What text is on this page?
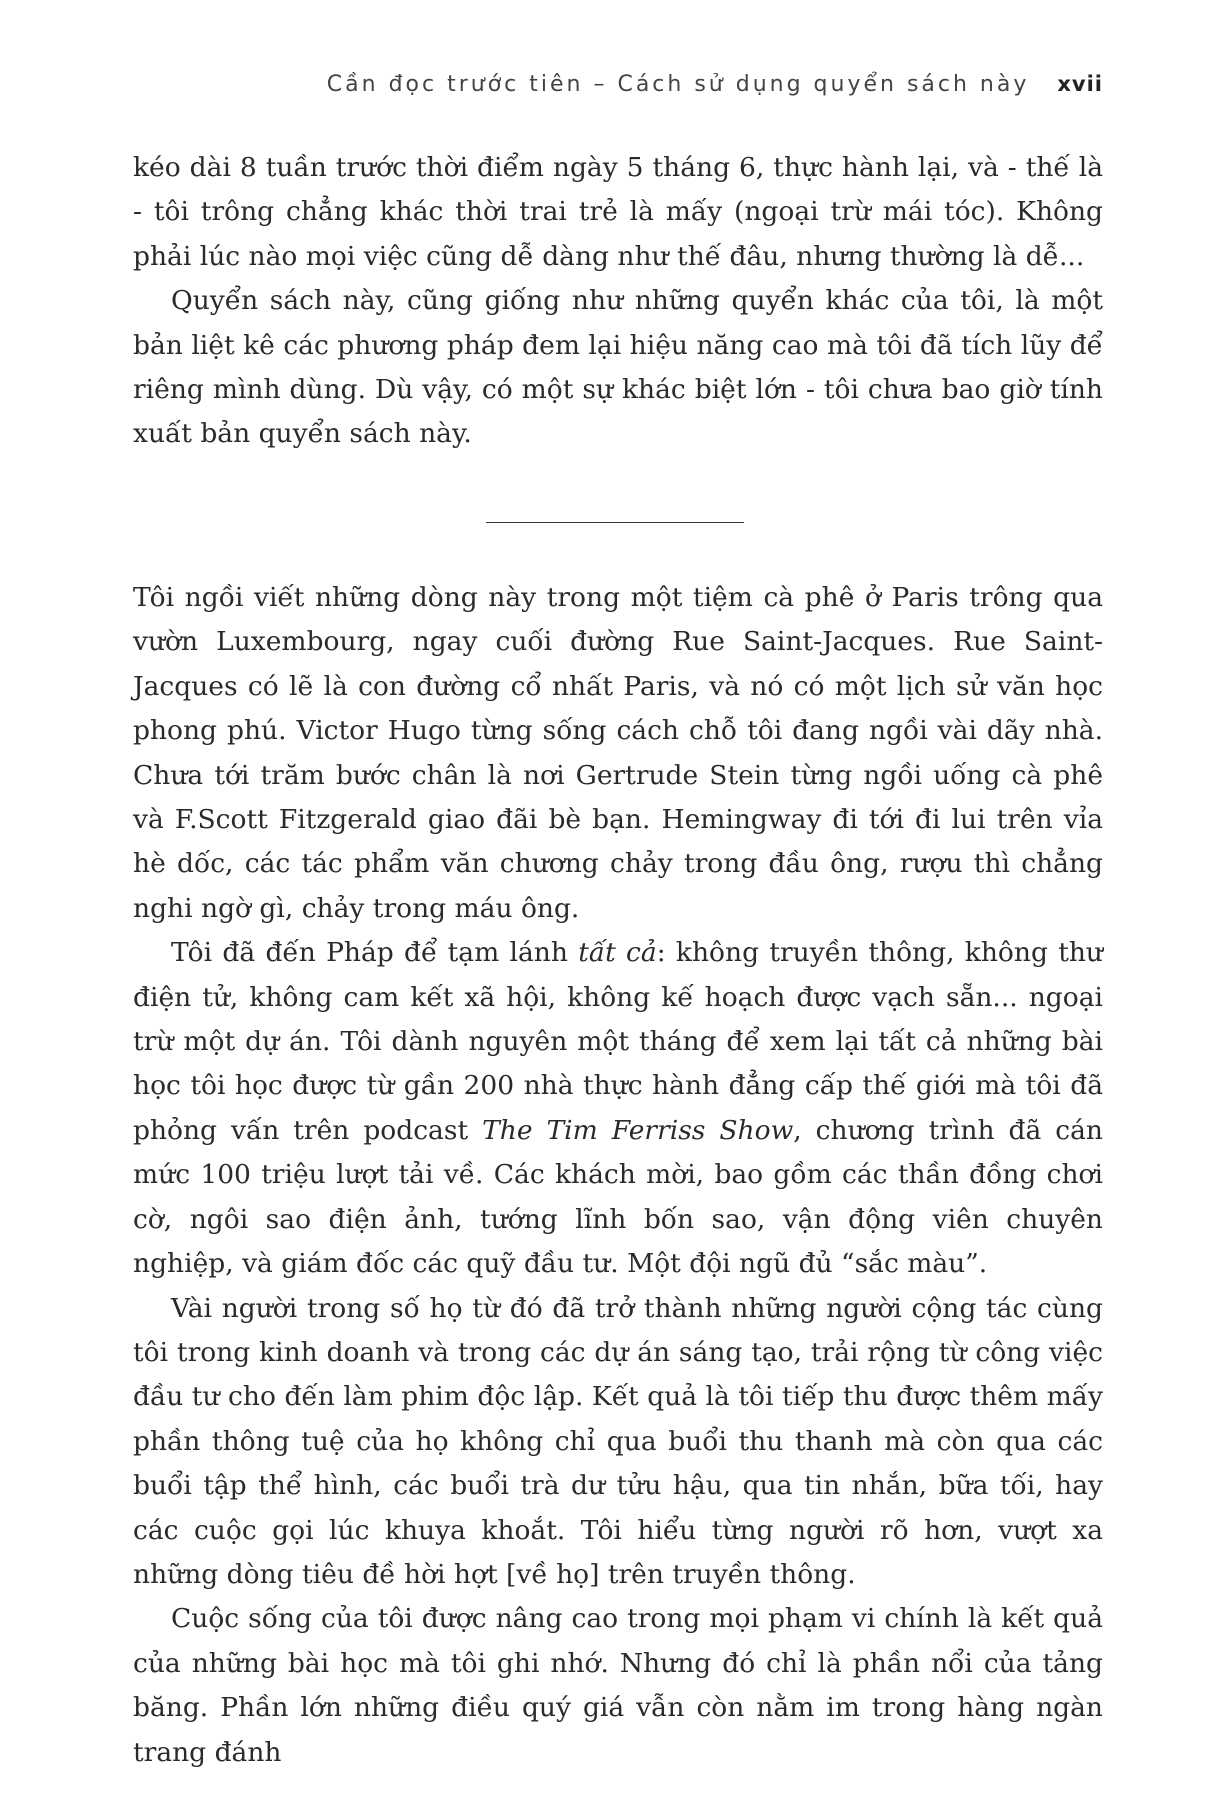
Cần đọc trước tiên – Cách sử dụng quyển sách này xvii

kéo dài 8 tuần trước thời điểm ngày 5 tháng 6, thực hành lại, và - thế là - tôi trông chẳng khác thời trai trẻ là mấy (ngoại trừ mái tóc). Không phải lúc nào mọi việc cũng dễ dàng như thế đâu, nhưng thường là dễ...

Quyển sách này, cũng giống như những quyển khác của tôi, là một bản liệt kê các phương pháp đem lại hiệu năng cao mà tôi đã tích lũy để riêng mình dùng. Dù vậy, có một sự khác biệt lớn - tôi chưa bao giờ tính xuất bản quyển sách này.

Tôi ngồi viết những dòng này trong một tiệm cà phê ở Paris trông qua vườn Luxembourg, ngay cuối đường Rue Saint-Jacques. Rue Saint-Jacques có lẽ là con đường cổ nhất Paris, và nó có một lịch sử văn học phong phú. Victor Hugo từng sống cách chỗ tôi đang ngồi vài dãy nhà. Chưa tới trăm bước chân là nơi Gertrude Stein từng ngồi uống cà phê và F.Scott Fitzgerald giao đãi bè bạn. Hemingway đi tới đi lui trên vỉa hè dốc, các tác phẩm văn chương chảy trong đầu ông, rượu thì chẳng nghi ngờ gì, chảy trong máu ông.

Tôi đã đến Pháp để tạm lánh tất cả: không truyền thông, không thư điện tử, không cam kết xã hội, không kế hoạch được vạch sẵn... ngoại trừ một dự án. Tôi dành nguyên một tháng để xem lại tất cả những bài học tôi học được từ gần 200 nhà thực hành đẳng cấp thế giới mà tôi đã phỏng vấn trên podcast The Tim Ferriss Show, chương trình đã cán mức 100 triệu lượt tải về. Các khách mời, bao gồm các thần đồng chơi cờ, ngôi sao điện ảnh, tướng lĩnh bốn sao, vận động viên chuyên nghiệp, và giám đốc các quỹ đầu tư. Một đội ngũ đủ “sắc màu”.

Vài người trong số họ từ đó đã trở thành những người cộng tác cùng tôi trong kinh doanh và trong các dự án sáng tạo, trải rộng từ công việc đầu tư cho đến làm phim độc lập. Kết quả là tôi tiếp thu được thêm mấy phần thông tuệ của họ không chỉ qua buổi thu thanh mà còn qua các buổi tập thể hình, các buổi trà dư tửu hậu, qua tin nhắn, bữa tối, hay các cuộc gọi lúc khuya khoắt. Tôi hiểu từng người rõ hơn, vượt xa những dòng tiêu đề hời hợt [về họ] trên truyền thông.

Cuộc sống của tôi được nâng cao trong mọi phạm vi chính là kết quả của những bài học mà tôi ghi nhớ. Nhưng đó chỉ là phần nổi của tảng băng. Phần lớn những điều quý giá vẫn còn nằm im trong hàng ngàn trang đánh
